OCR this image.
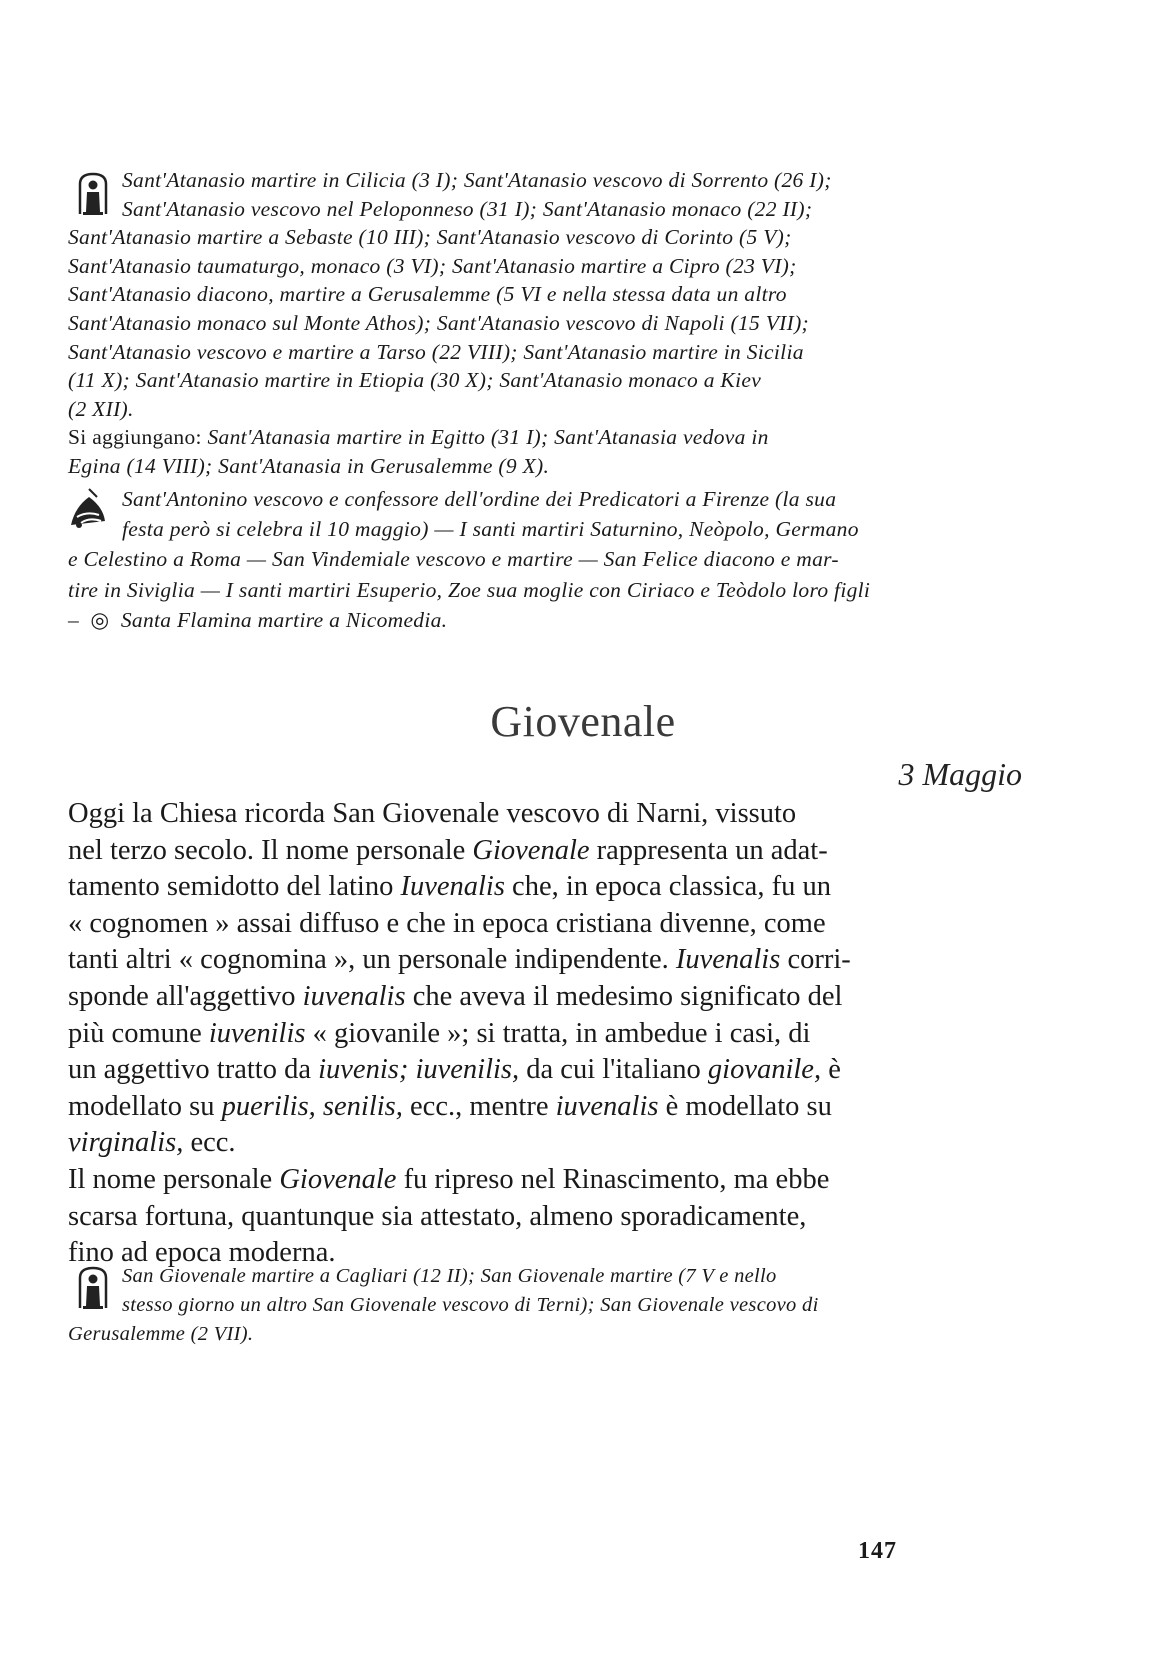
Sant'Atanasio martire in Cilicia (3 I); Sant'Atanasio vescovo di Sorrento (26 I);
Sant'Atanasio vescovo nel Peloponneso (31 I); Sant'Atanasio monaco (22 II);
Sant'Atanasio martire a Sebaste (10 III); Sant'Atanasio vescovo di Corinto (5 V);
Sant'Atanasio taumaturgo, monaco (3 VI); Sant'Atanasio martire a Cipro (23 VI);
Sant'Atanasio diacono, martire a Gerusalemme (5 VI e nella stessa data un altro
Sant'Atanasio monaco sul Monte Athos); Sant'Atanasio vescovo di Napoli (15 VII);
Sant'Atanasio vescovo e martire a Tarso (22 VIII); Sant'Atanasio martire in Sicilia
(11 X); Sant'Atanasio martire in Etiopia (30 X); Sant'Atanasio monaco a Kiev
(2 XII).
Si aggiungano: Sant'Atanasia martire in Egitto (31 I); Sant'Atanasia vedova in
Egina (14 VIII); Sant'Atanasia in Gerusalemme (9 X).
Sant'Antonino vescovo e confessore dell'ordine dei Predicatori a Firenze (la sua
festa però si celebra il 10 maggio) — I santi martiri Saturnino, Neòpolo, Germano
e Celestino a Roma — San Vindemiale vescovo e martire — San Felice diacono e mar-
tire in Siviglia — I santi martiri Esuperio, Zoe sua moglie con Ciriaco e Teòdolo loro figli
– ◎ Santa Flamina martire a Nicomedia.
Giovenale
3 Maggio
Oggi la Chiesa ricorda San Giovenale vescovo di Narni, vissuto
nel terzo secolo. Il nome personale Giovenale rappresenta un adat-
tamento semidotto del latino Iuvenalis che, in epoca classica, fu un
« cognomen » assai diffuso e che in epoca cristiana divenne, come
tanti altri « cognomina », un personale indipendente. Iuvenalis corri-
sponde all'aggettivo iuvenalis che aveva il medesimo significato del
più comune iuvenilis « giovanile »; si tratta, in ambedue i casi, di
un aggettivo tratto da iuvenis; iuvenilis, da cui l'italiano giovanile, è
modellato su puerilis, senilis, ecc., mentre iuvenalis è modellato su
virginalis, ecc.
Il nome personale Giovenale fu ripreso nel Rinascimento, ma ebbe
scarsa fortuna, quantunque sia attestato, almeno sporadicamente,
fino ad epoca moderna.
San Giovenale martire a Cagliari (12 II); San Giovenale martire (7 V e nello
stesso giorno un altro San Giovenale vescovo di Terni); San Giovenale vescovo di
Gerusalemme (2 VII).
147
